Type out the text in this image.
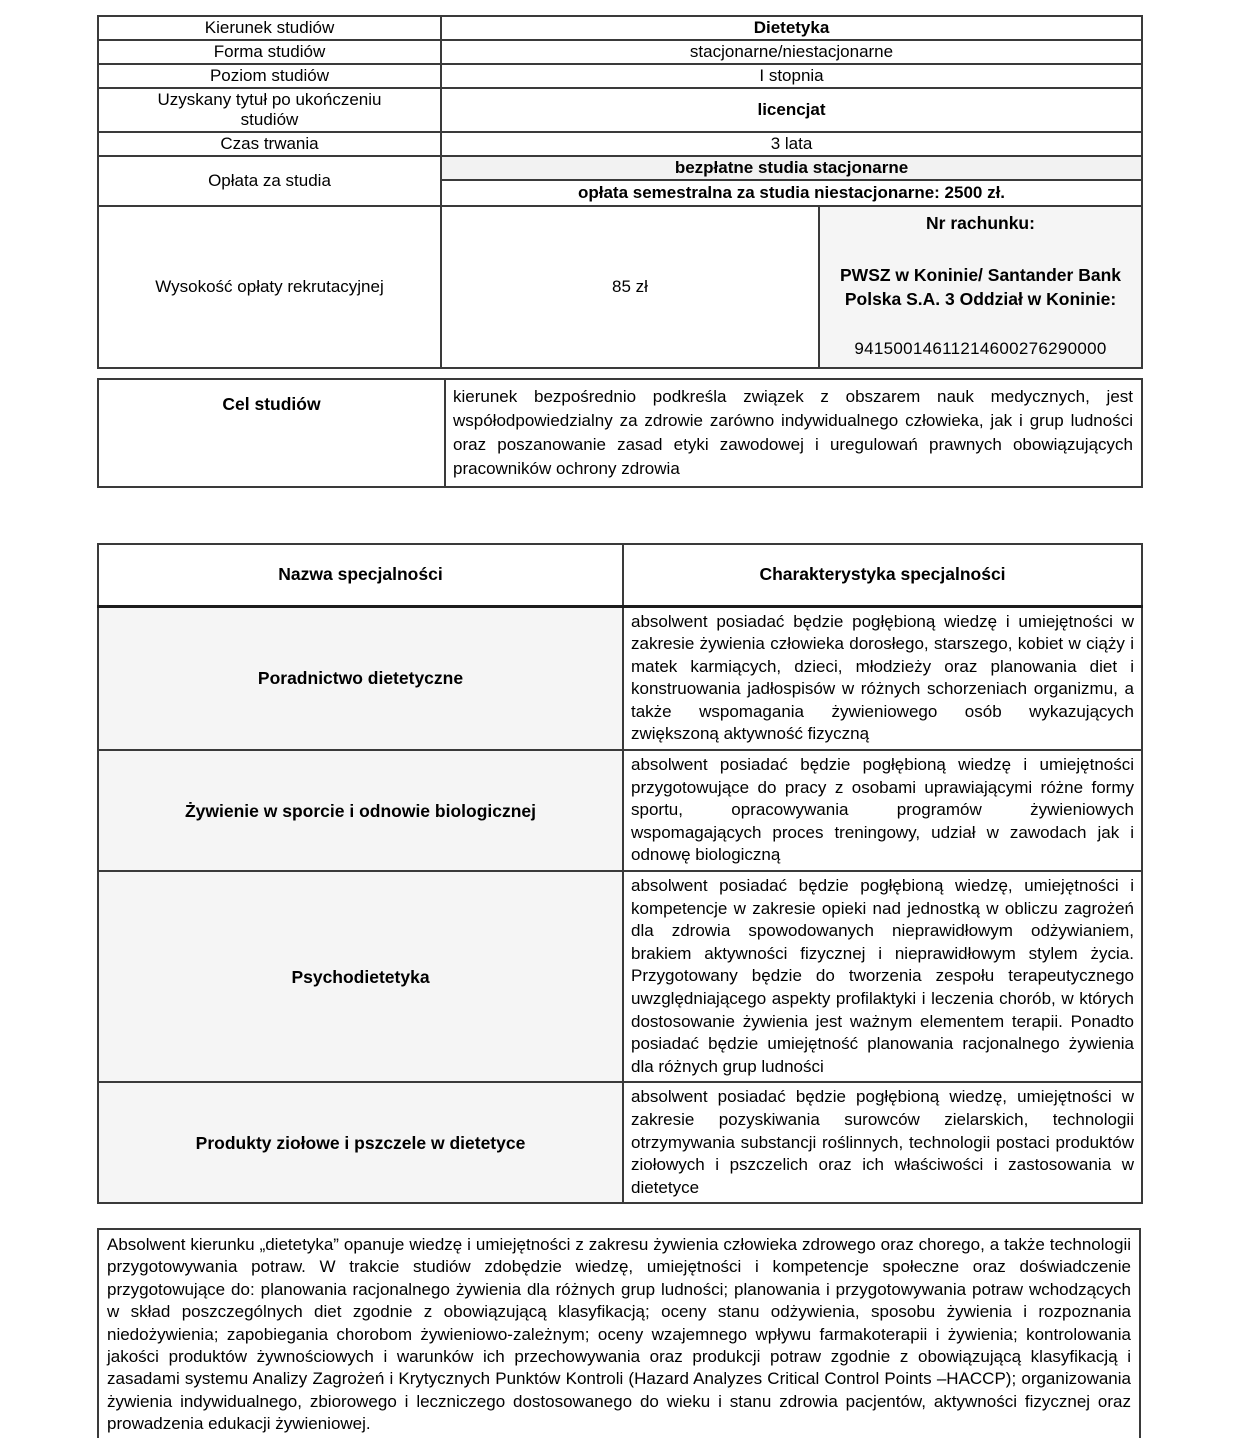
Kierunek studiów	Dietetyka	
Forma studiów	stacjonarne/niestacjonarne	
Poziom studiów	I stopnia	
Uzyskany tytuł po ukończeniu studiów	licencjat	
Czas trwania	3 lata	
Opłata za studia	bezpłatne studia stacjonarne	
	opłata semestralna za studia niestacjonarne: 2500 zł.	
Wysokość opłaty rekrutacyjnej	85 zł	Nr rachunku:
PWSZ w Koninie/ Santander Bank Polska S.A. 3 Oddział w Koninie:
94150014611214600276290000
Cel studiów	kierunek bezpośrednio podkreśla związek z obszarem nauk medycznych, jest współodpowiedzialny za zdrowie zarówno indywidualnego człowieka, jak i grup ludności oraz poszanowanie zasad etyki zawodowej i uregulowań prawnych obowiązujących pracowników ochrony zdrowia
Nazwa specjalności	Charakterystyka specjalności
Poradnictwo dietetyczne	absolwent posiadać będzie pogłębioną wiedzę i umiejętności w zakresie żywienia człowieka dorosłego, starszego, kobiet w ciąży i matek karmiących, dzieci, młodzieży oraz planowania diet i konstruowania jadłospisów w różnych schorzeniach organizmu, a także wspomagania żywieniowego osób wykazujących zwiększoną aktywność fizyczną
Żywienie w sporcie i odnowie biologicznej	absolwent posiadać będzie pogłębioną wiedzę i umiejętności przygotowujące do pracy z osobami uprawiającymi różne formy sportu, opracowywania programów żywieniowych wspomagających proces treningowy, udział w zawodach jak i odnowę biologiczną
Psychodietetyka	absolwent posiadać będzie pogłębioną wiedzę, umiejętności i kompetencje w zakresie opieki nad jednostką w obliczu zagrożeń dla zdrowia spowodowanych nieprawidłowym odżywianiem, brakiem aktywności fizycznej i nieprawidłowym stylem życia. Przygotowany będzie do tworzenia zespołu terapeutycznego uwzględniającego aspekty profilaktyki i leczenia chorób, w których dostosowanie żywienia jest ważnym elementem terapii. Ponadto posiadać będzie umiejętność planowania racjonalnego żywienia dla różnych grup ludności
Produkty ziołowe i pszczele w dietetyce	absolwent posiadać będzie pogłębioną wiedzę, umiejętności w zakresie pozyskiwania surowców zielarskich, technologii otrzymywania substancji roślinnych, technologii postaci produktów ziołowych i pszczelich oraz ich właściwości i zastosowania w dietetyce
Absolwent kierunku „dietetyka” opanuje wiedzę i umiejętności z zakresu żywienia człowieka zdrowego oraz chorego, a także technologii przygotowywania potraw. W trakcie studiów zdobędzie wiedzę, umiejętności i kompetencje społeczne oraz doświadczenie przygotowujące do: planowania racjonalnego żywienia dla różnych grup ludności; planowania i przygotowywania potraw wchodzących w skład poszczególnych diet zgodnie z obowiązującą klasyfikacją; oceny stanu odżywienia, sposobu żywienia i rozpoznania niedożywienia; zapobiegania chorobom żywieniowo-zależnym; oceny wzajemnego wpływu farmakoterapii i żywienia; kontrolowania jakości produktów żywnościowych i warunków ich przechowywania oraz produkcji potraw zgodnie z obowiązującą klasyfikacją i zasadami systemu Analizy Zagrożeń i Krytycznych Punktów Kontroli (Hazard Analyzes Critical Control Points –HACCP); organizowania żywienia indywidualnego, zbiorowego i leczniczego dostosowanego do wieku i stanu zdrowia pacjentów, aktywności fizycznej oraz prowadzenia edukacji żywieniowej.
